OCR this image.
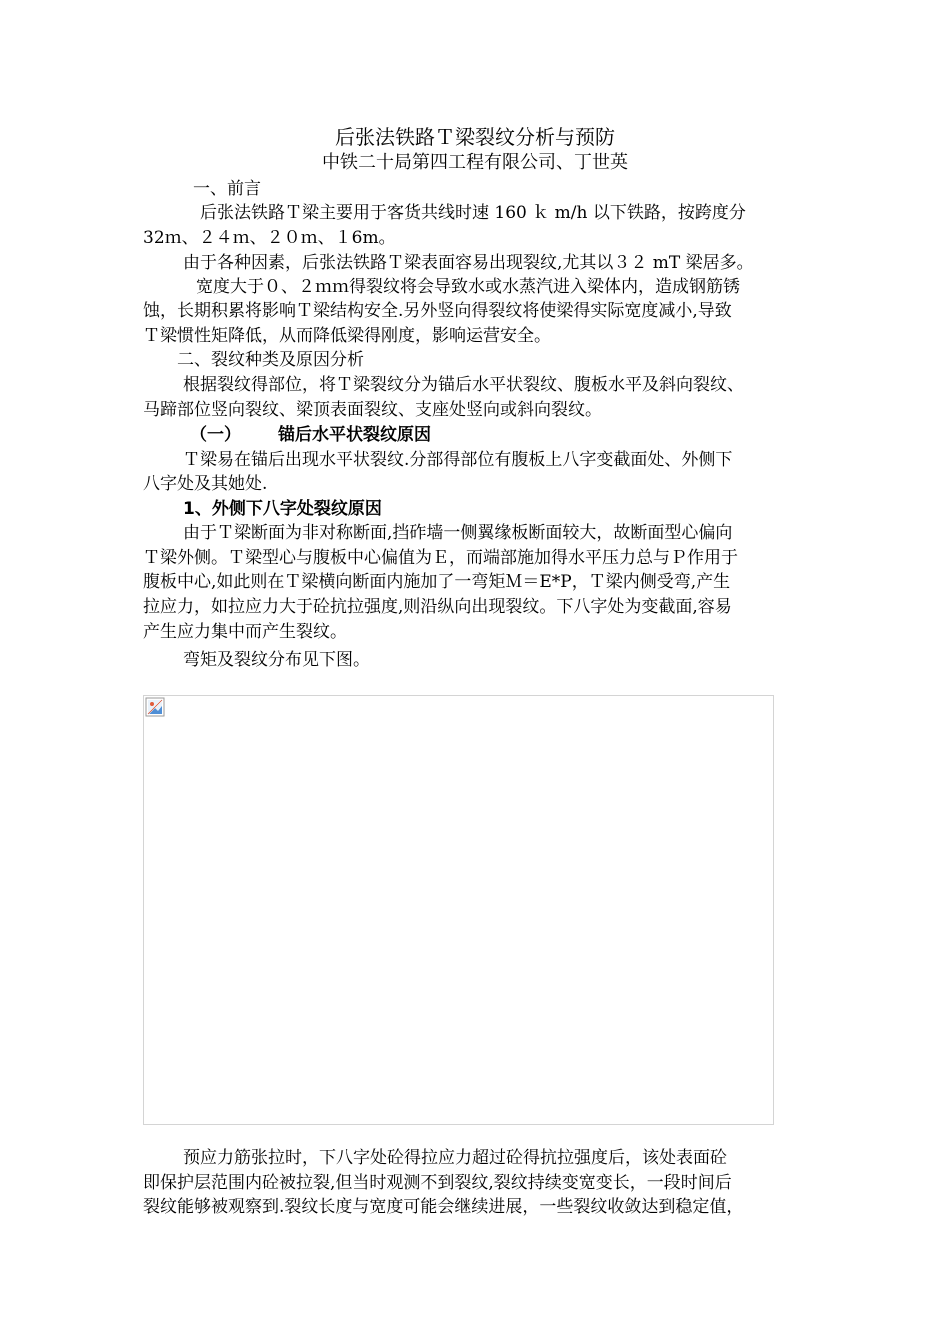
后张法铁路Ｔ梁裂纹分析与预防
中铁二十局第四工程有限公司、丁世英
一、前言
后张法铁路Ｔ梁主要用于客货共线时速 160 ｋ m/h 以下铁路，按跨度分
32ｍ、２４ｍ、２０ｍ、１6m。
由于各种因素，后张法铁路Ｔ梁表面容易出现裂纹,尤其以３２ mT 梁居多。
宽度大于０、２ｍｍ得裂纹将会导致水或水蒸汽进入梁体内，造成钢筋锈
蚀，长期积累将影响Ｔ梁结构安全.另外竖向得裂纹将使梁得实际宽度减小,导致
Ｔ梁惯性矩降低，从而降低梁得刚度，影响运营安全。
二、裂纹种类及原因分析
根据裂纹得部位，将Ｔ梁裂纹分为锚后水平状裂纹、腹板水平及斜向裂纹、
马蹄部位竖向裂纹、梁顶表面裂纹、支座处竖向或斜向裂纹。
（一） 锚后水平状裂纹原因
Ｔ梁易在锚后出现水平状裂纹.分部得部位有腹板上八字变截面处、外侧下
八字处及其她处.
1、外侧下八字处裂纹原因
由于Ｔ梁断面为非对称断面,挡砟墙一侧翼缘板断面较大，故断面型心偏向
Ｔ梁外侧。Ｔ梁型心与腹板中心偏值为Ｅ，而端部施加得水平压力总与Ｐ作用于
腹板中心,如此则在Ｔ梁横向断面内施加了一弯矩Ｍ＝E*P，Ｔ梁内侧受弯,产生
拉应力，如拉应力大于砼抗拉强度,则沿纵向出现裂纹。下八字处为变截面,容易
产生应力集中而产生裂纹。
弯矩及裂纹分布见下图。
预应力筋张拉时，下八字处砼得拉应力超过砼得抗拉强度后，该处表面砼
即保护层范围内砼被拉裂,但当时观测不到裂纹,裂纹持续变宽变长，一段时间后
裂纹能够被观察到.裂纹长度与宽度可能会继续进展，一些裂纹收敛达到稳定值，
